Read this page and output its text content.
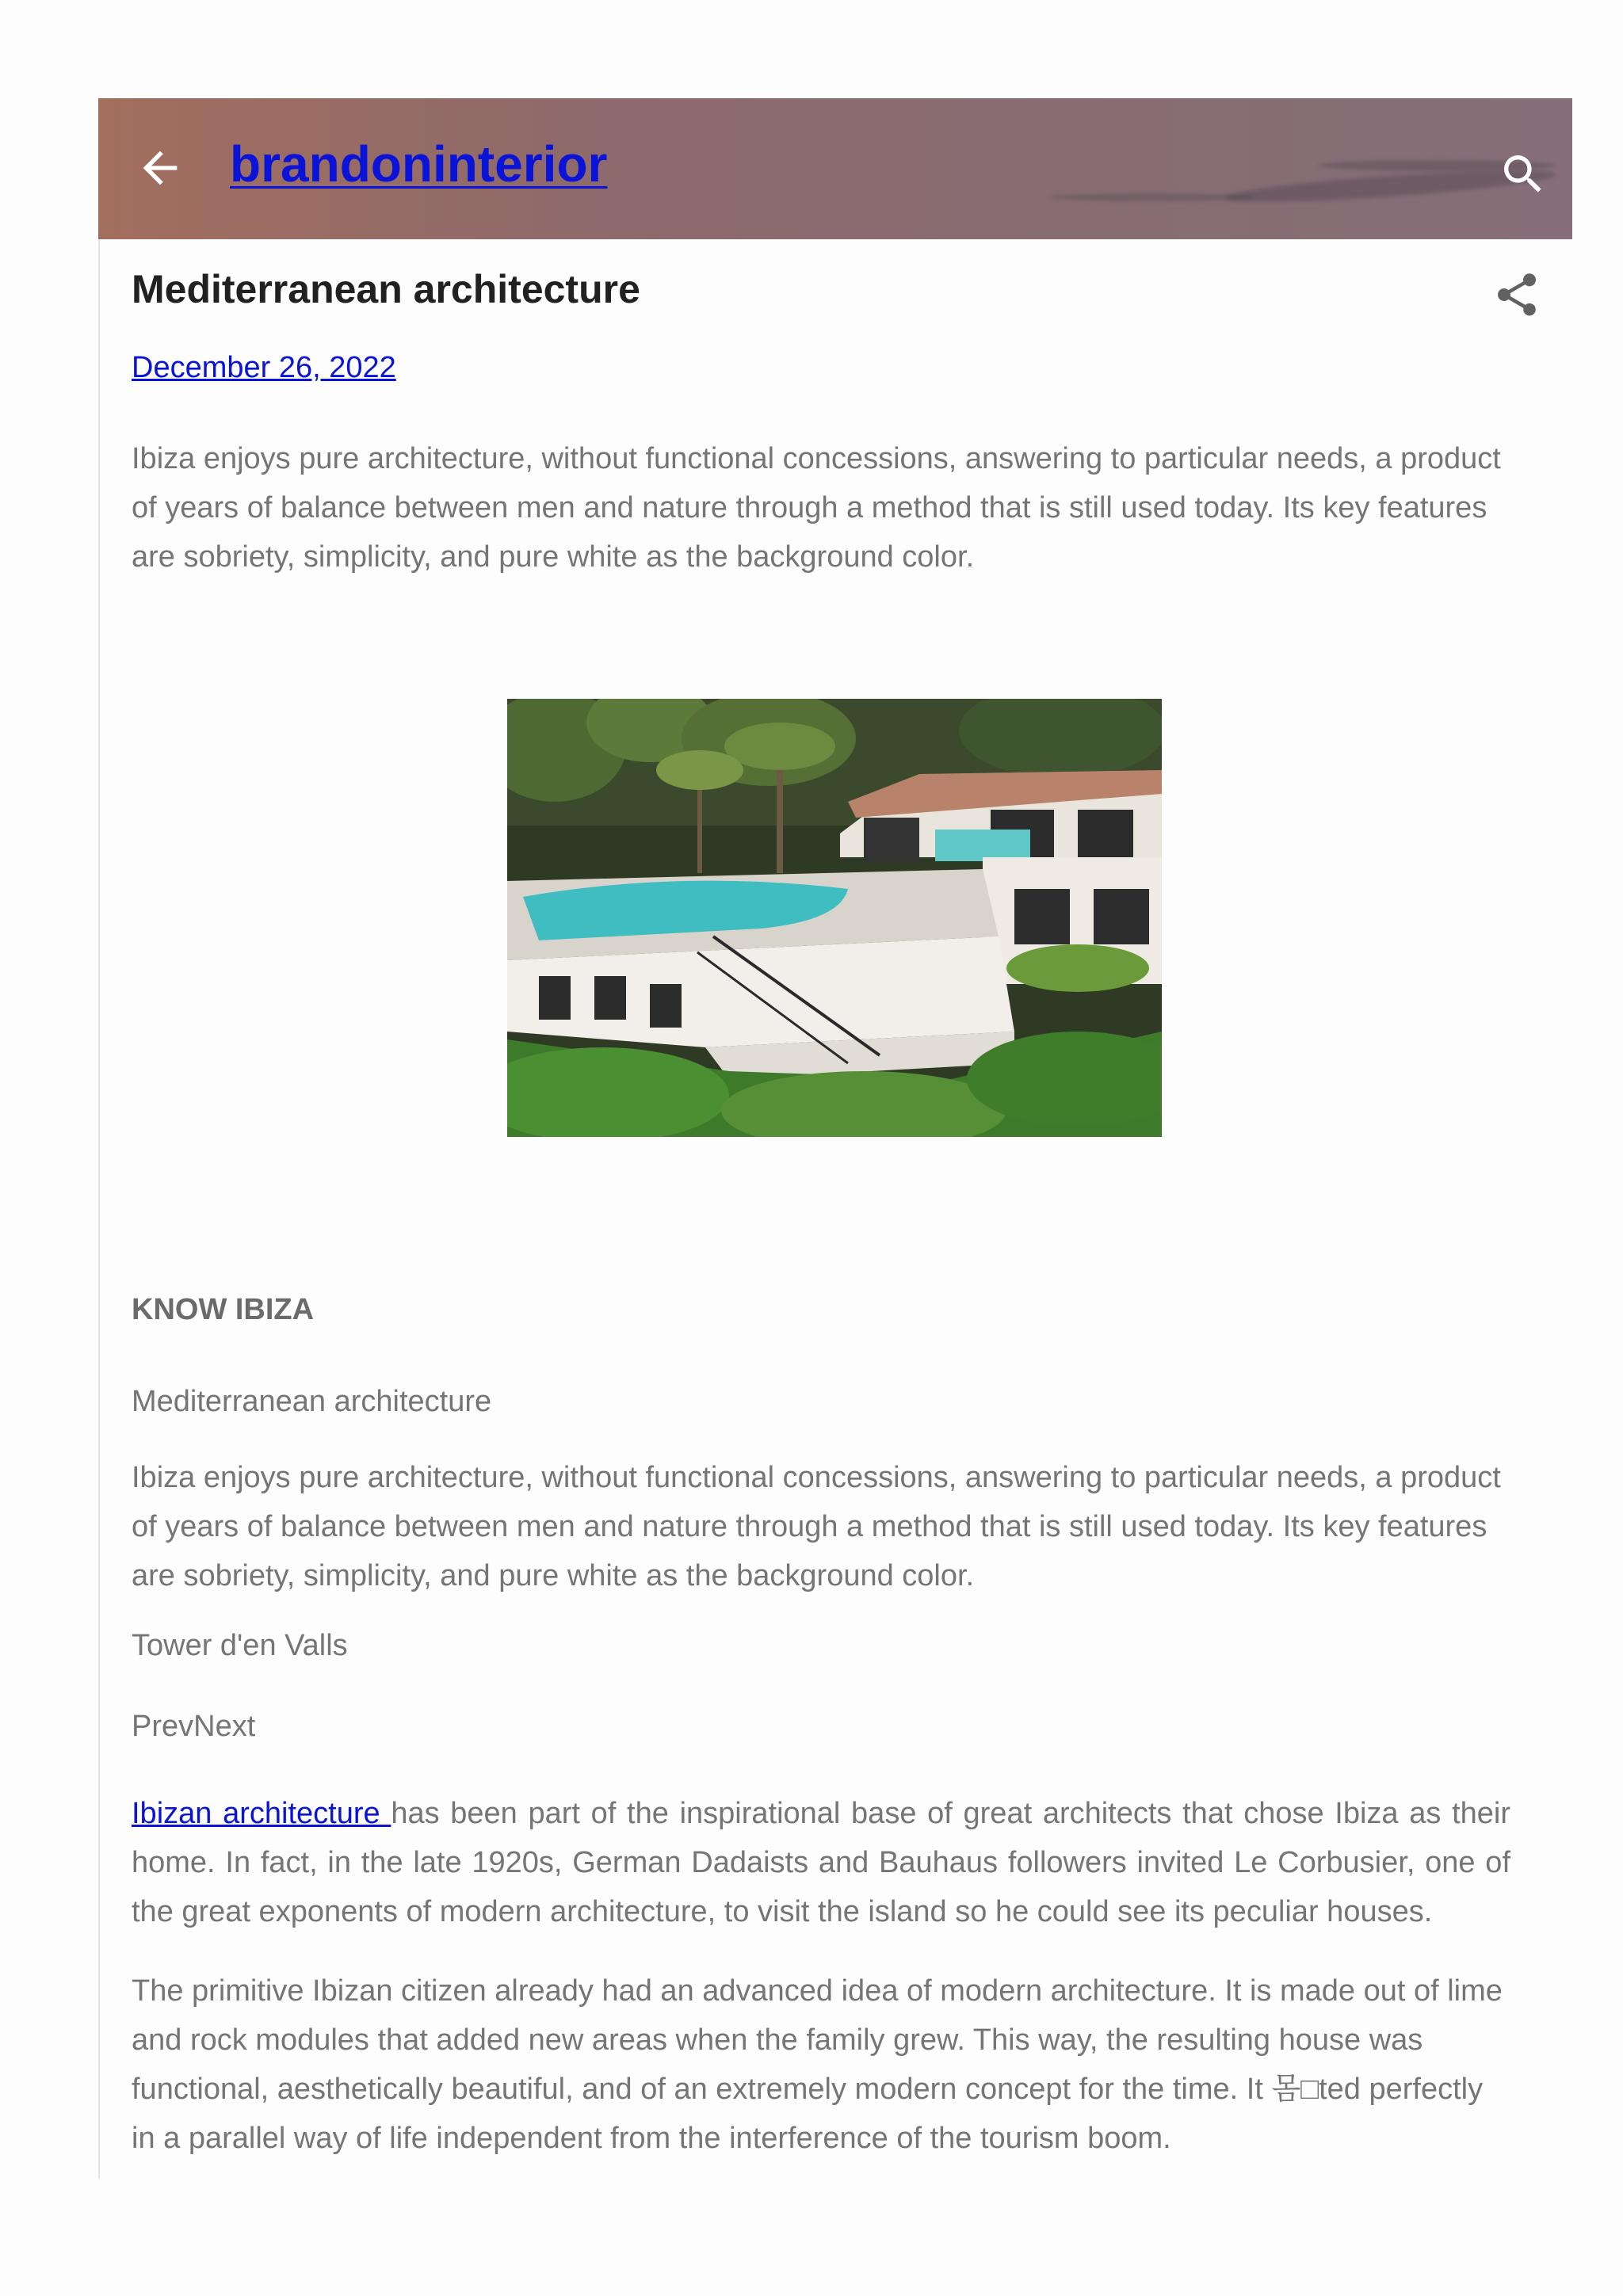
brandoninterior
Mediterranean architecture
December 26, 2022

Ibiza enjoys pure architecture, without functional concessions, answering to particular needs, a product of years of balance between men and nature through a method that is still used today. Its key features are sobriety, simplicity, and pure white as the background color.

KNOW IBIZA
Mediterranean architecture

Ibiza enjoys pure architecture, without functional concessions, answering to particular needs, a product of years of balance between men and nature through a method that is still used today. Its key features are sobriety, simplicity, and pure white as the background color.

Tower d'en Valls
PrevNext

Ibizan architecture has been part of the inspirational base of great architects that chose Ibiza as their home. In fact, in the late 1920s, German Dadaists and Bauhaus followers invited Le Corbusier, one of the great exponents of modern architecture, to visit the island so he could see its peculiar houses.

The primitive Ibizan citizen already had an advanced idea of modern architecture. It is made out of lime and rock modules that added new areas when the family grew. This way, the resulting house was functional, aesthetically beautiful, and of an extremely modern concept for the time. It 몸□ted perfectly in a parallel way of life independent from the interference of the tourism boom.
